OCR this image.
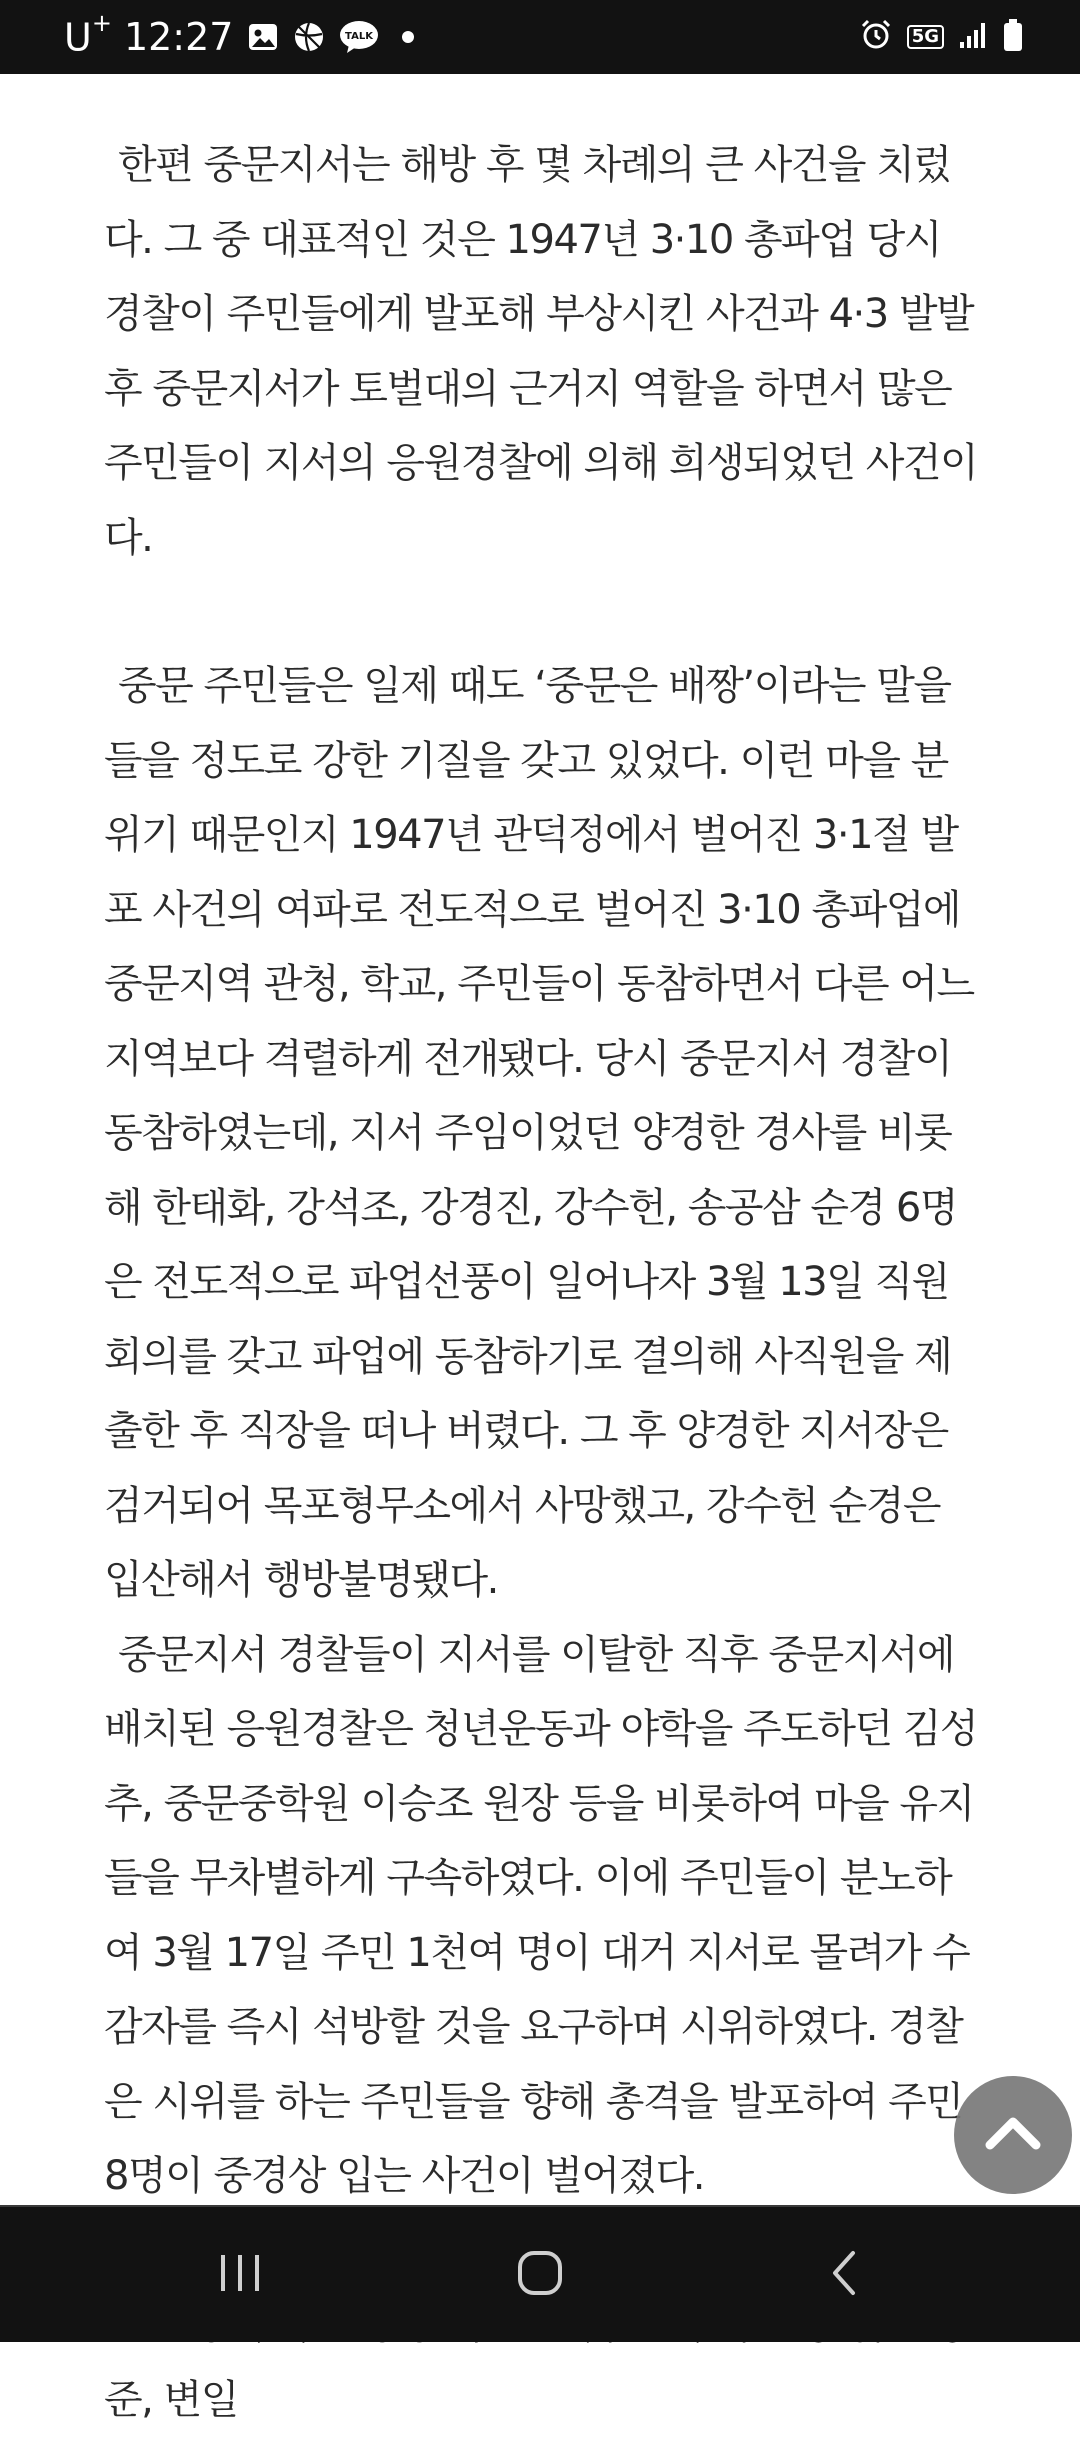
U+ 12:27	TALK	5G

한편 중문지서는 해방 후 몇 차례의 큰 사건을 치렀다. 그 중 대표적인 것은 1947년 3·10 총파업 당시 경찰이 주민들에게 발포해 부상시킨 사건과 4·3 발발 후 중문지서가 토벌대의 근거지 역할을 하면서 많은 주민들이 지서의 응원경찰에 의해 희생되었던 사건이다.

중문 주민들은 일제 때도 ‘중문은 배짱’이라는 말을 들을 정도로 강한 기질을 갖고 있었다. 이런 마을 분위기 때문인지 1947년 관덕정에서 벌어진 3·1절 발포 사건의 여파로 전도적으로 벌어진 3·10 총파업에 중문지역 관청, 학교, 주민들이 동참하면서 다른 어느 지역보다 격렬하게 전개됐다. 당시 중문지서 경찰이 동참하였는데, 지서 주임이었던 양경한 경사를 비롯해 한태화, 강석조, 강경진, 강수헌, 송공삼 순경 6명은 전도적으로 파업선풍이 일어나자 3월 13일 직원회의를 갖고 파업에 동참하기로 결의해 사직원을 제출한 후 직장을 떠나 버렸다. 그 후 양경한 지서장은 검거되어 목포형무소에서 사망했고, 강수헌 순경은 입산해서 행방불명됐다.

중문지서 경찰들이 지서를 이탈한 직후 중문지서에 배치된 응원경찰은 청년운동과 야학을 주도하던 김성추, 중문중학원 이승조 원장 등을 비롯하여 마을 유지들을 무차별하게 구속하였다. 이에 주민들이 분노하여 3월 17일 주민 1천여 명이 대거 지서로 몰려가 수감자를 즉시 석방할 것을 요구하며 시위하였다. 경찰은 시위를 하는 주민들을 향해 총격을 발포하여 주민 8명이 중경상 입는 사건이 벌어졌다.

준, 변일
